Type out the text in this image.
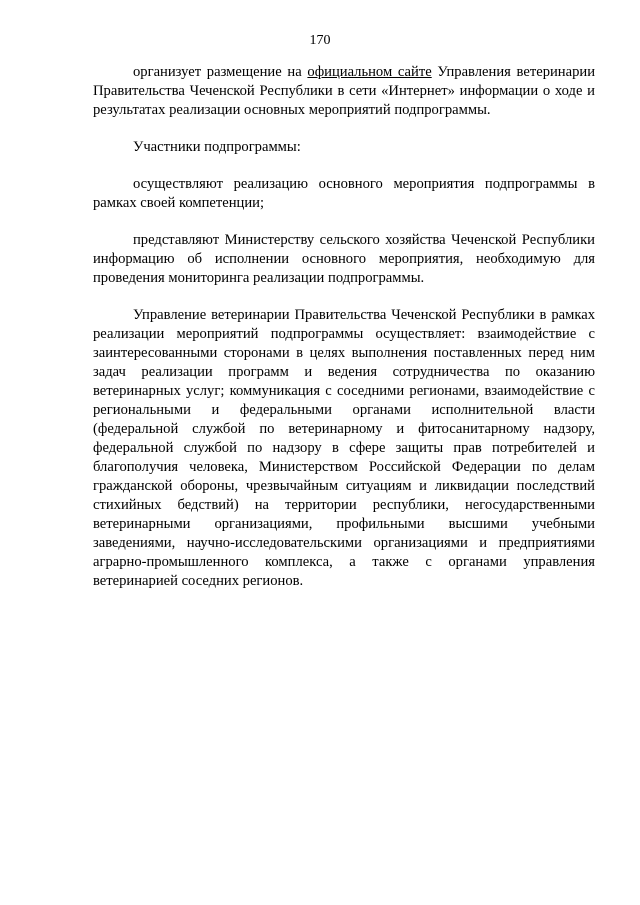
170

организует размещение на официальном сайте Управления ветеринарии Правительства Чеченской Республики в сети «Интернет» информации о ходе и результатах реализации основных мероприятий подпрограммы.

Участники подпрограммы:

осуществляют реализацию основного мероприятия подпрограммы в рамках своей компетенции;

представляют Министерству сельского хозяйства Чеченской Республики информацию об исполнении основного мероприятия, необходимую для проведения мониторинга реализации подпрограммы.

Управление ветеринарии Правительства Чеченской Республики в рамках реализации мероприятий подпрограммы осуществляет: взаимодействие с заинтересованными сторонами в целях выполнения поставленных перед ним задач реализации программ и ведения сотрудничества по оказанию ветеринарных услуг; коммуникация с соседними регионами, взаимодействие с региональными и федеральными органами исполнительной власти (федеральной службой по ветеринарному и фитосанитарному надзору, федеральной службой по надзору в сфере защиты прав потребителей и благополучия человека, Министерством Российской Федерации по делам гражданской обороны, чрезвычайным ситуациям и ликвидации последствий стихийных бедствий) на территории республики, негосударственными ветеринарными организациями, профильными высшими учебными заведениями, научно-исследовательскими организациями и предприятиями аграрно-промышленного комплекса, а также с органами управления ветеринарией соседних регионов.
